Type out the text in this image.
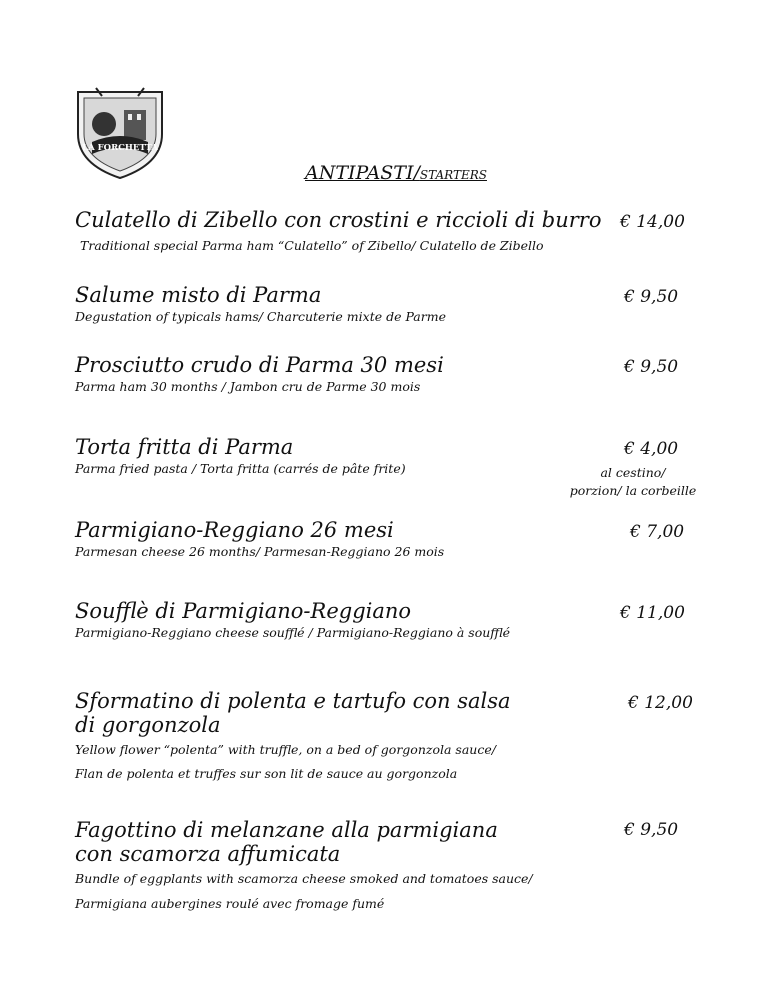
LA FORCHETTA
ANTIPASTI/STARTERS
Culatello di Zibello con crostini e riccioli di burro € 14,00
Traditional special Parma ham “Culatello” of Zibello/ Culatello de Zibello
Salume misto di Parma	€ 9,50
Degustation of typicals hams/ Charcuterie mixte de Parme
Prosciutto crudo di Parma 30 mesi	€ 9,50
Parma ham 30 months / Jambon cru de Parme 30 mois
Torta fritta di Parma	€ 4,00
Parma fried pasta / Torta fritta (carrés de pâte frite)	al cestino/
porzion/ la corbeille
Parmigiano-Reggiano 26 mesi	€ 7,00
Parmesan cheese 26 months/ Parmesan-Reggiano 26 mois
Soufflè di Parmigiano-Reggiano	€ 11,00
Parmigiano-Reggiano cheese soufflé / Parmigiano-Reggiano à soufflé
Sformatino di polenta e tartufo con salsa
di gorgonzola
€ 12,00
Yellow flower “polenta” with truffle, on a bed of gorgonzola sauce/
Flan de polenta et truffes sur son lit de sauce au gorgonzola
Fagottino di melanzane alla parmigiana
con scamorza affumicata
€ 9,50
Bundle of eggplants with scamorza cheese smoked and tomatoes sauce/
Parmigiana aubergines roulé avec fromage fumé
